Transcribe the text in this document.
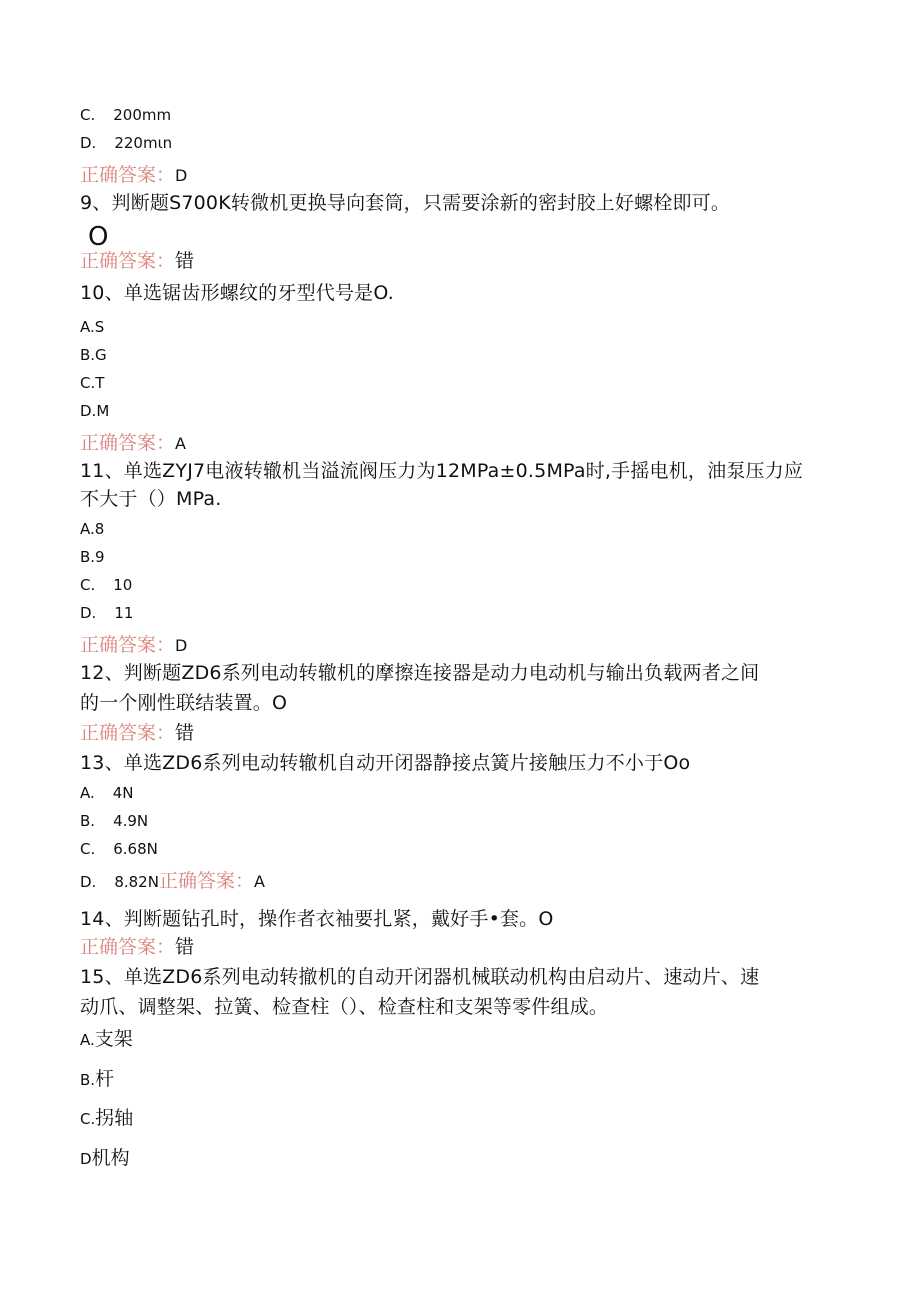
C. 200mm
D. 220mιn
正确答案：D
9、判断题S700K转微机更换导向套筒，只需要涂新的密封胶上好螺栓即可。
O
正确答案：错
10、单选锯齿形螺纹的牙型代号是O.
A.S
B.G
C.T
D.M
正确答案：A
11、单选ZYJ7电液转辙机当溢流阀压力为12MPa±0.5MPa时,手摇电机，油泵压力应
不大于（）MPa.
A.8
B.9
C. 10
D. 11
正确答案：D
12、判断题ZD6系列电动转辙机的摩擦连接器是动力电动机与输出负载两者之间
的一个刚性联结装置。O
正确答案：错
13、单选ZD6系列电动转辙机自动开闭器静接点簧片接触压力不小于Oo
A. 4N
B. 4.9N
C. 6.68N
D. 8.82N正确答案：A
14、判断题钻孔时，操作者衣袖要扎紧，戴好手•套。O
正确答案：错
15、单选ZD6系列电动转撤机的自动开闭器机械联动机构由启动片、速动片、速
动爪、调整架、拉簧、检查柱（）、检查柱和支架等零件组成。
A.支架
B.杆
C.拐轴
D机构
